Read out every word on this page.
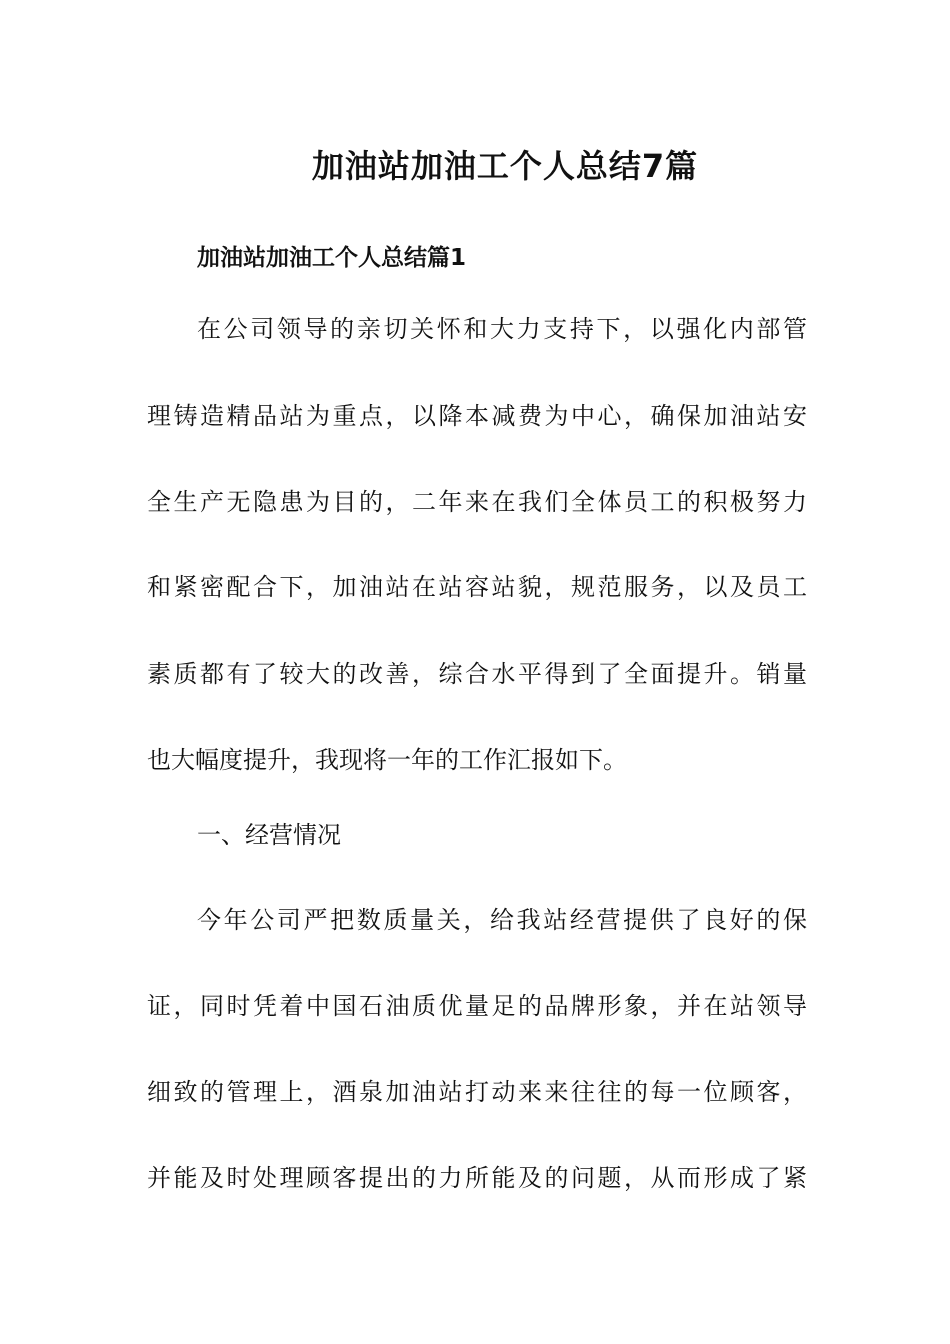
加油站加油工个人总结7篇
加油站加油工个人总结篇1
在公司领导的亲切关怀和大力支持下，以强化内部管
理铸造精品站为重点，以降本减费为中心，确保加油站安
全生产无隐患为目的，二年来在我们全体员工的积极努力
和紧密配合下，加油站在站容站貌，规范服务，以及员工
素质都有了较大的改善，综合水平得到了全面提升。销量
也大幅度提升，我现将一年的工作汇报如下。
一、经营情况
今年公司严把数质量关，给我站经营提供了良好的保
证，同时凭着中国石油质优量足的品牌形象，并在站领导
细致的管理上，酒泉加油站打动来来往往的每一位顾客，
并能及时处理顾客提出的力所能及的问题，从而形成了紧
